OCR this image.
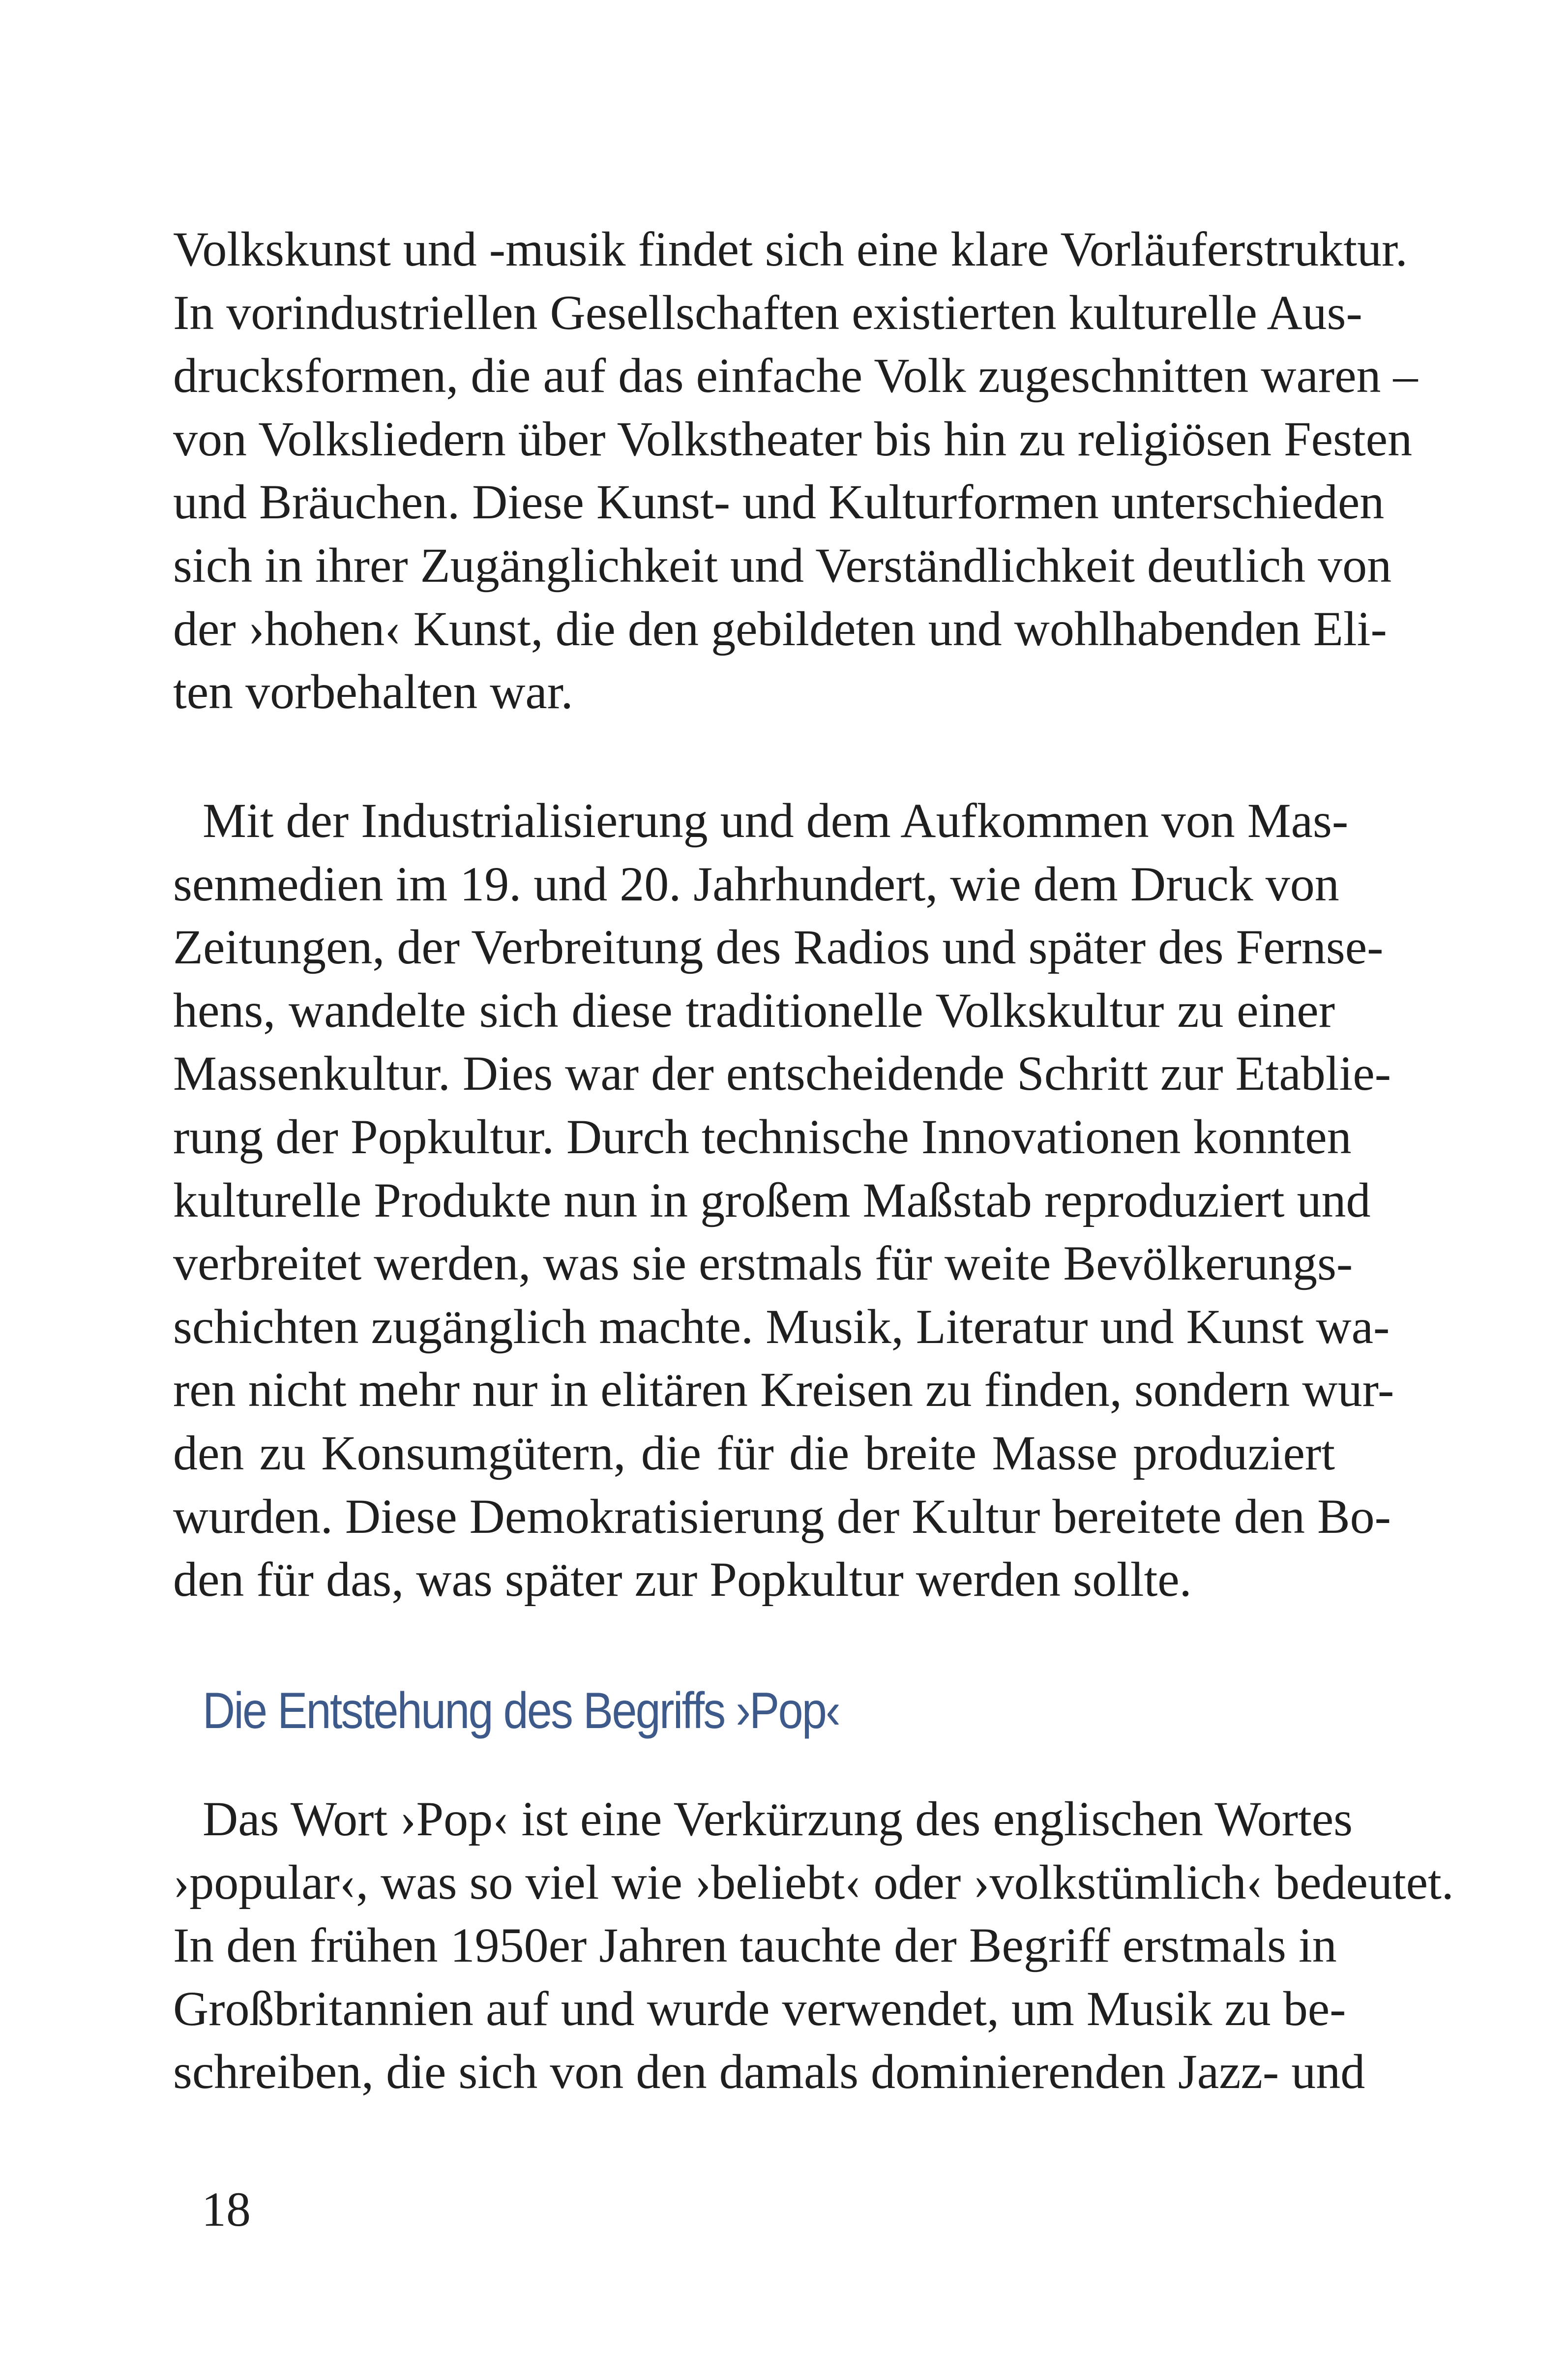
Volkskunst und -musik findet sich eine klare Vorläuferstruktur.
In vorindustriellen Gesellschaften existierten kulturelle Aus-
drucksformen, die auf das einfache Volk zugeschnitten waren –
von Volksliedern über Volkstheater bis hin zu religiösen Festen
und Bräuchen. Diese Kunst- und Kulturformen unterschieden
sich in ihrer Zugänglichkeit und Verständlichkeit deutlich von
der ›hohen‹ Kunst, die den gebildeten und wohlhabenden Eli-
ten vorbehalten war.
Mit der Industrialisierung und dem Aufkommen von Mas-
senmedien im 19. und 20. Jahrhundert, wie dem Druck von
Zeitungen, der Verbreitung des Radios und später des Fernse-
hens, wandelte sich diese traditionelle Volkskultur zu einer
Massenkultur. Dies war der entscheidende Schritt zur Etablie-
rung der Popkultur. Durch technische Innovationen konnten
kulturelle Produkte nun in großem Maßstab reproduziert und
verbreitet werden, was sie erstmals für weite Bevölkerungs-
schichten zugänglich machte. Musik, Literatur und Kunst wa-
ren nicht mehr nur in elitären Kreisen zu finden, sondern wur-
den zu Konsumgütern, die für die breite Masse produziert
wurden. Diese Demokratisierung der Kultur bereitete den Bo-
den für das, was später zur Popkultur werden sollte.
Die Entstehung des Begriffs ›Pop‹
Das Wort ›Pop‹ ist eine Verkürzung des englischen Wortes
›popular‹, was so viel wie ›beliebt‹ oder ›volkstümlich‹ bedeutet.
In den frühen 1950er Jahren tauchte der Begriff erstmals in
Großbritannien auf und wurde verwendet, um Musik zu be-
schreiben, die sich von den damals dominierenden Jazz- und
18
